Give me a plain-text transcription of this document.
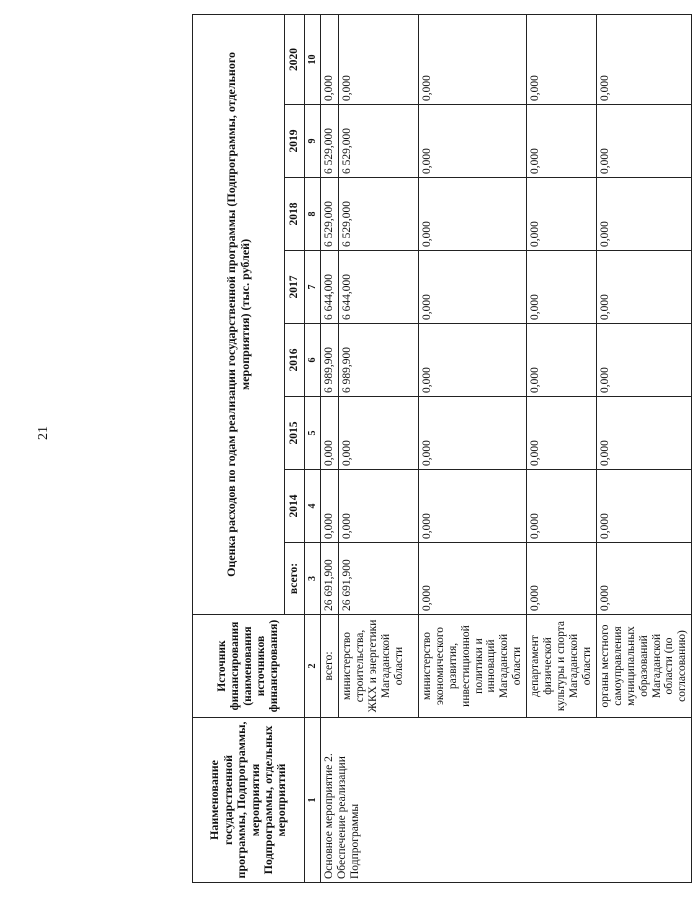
21
Наименование государственной программы, Подпрограммы, мероприятия Подпрограммы, отдельных мероприятий	Источник финансирования (наименования источников финансирования)	Оценка расходов по годам реализации государственной программы (Подпрограммы, отдельного мероприятия) (тыс. рублей)							
		всего:	2014	2015	2016	2017	2018	2019	2020
1	2	3	4	5	6	7	8	9	10
Основное мероприятие 2. Обеспечение реализации Подпрограммы	всего:	26 691,900	0,000	0,000	6 989,900	6 644,000	6 529,000	6 529,000	0,000
	министерство строительства, ЖКХ и энергетики Магаданской области	26 691,900	0,000	0,000	6 989,900	6 644,000	6 529,000	6 529,000	0,000
	министерство экономического развития, инвестиционной политики и инноваций Магаданской области	0,000	0,000	0,000	0,000	0,000	0,000	0,000	0,000
	департамент физической культуры и спорта Магаданской области	0,000	0,000	0,000	0,000	0,000	0,000	0,000	0,000
	органы местного самоуправления муниципальных образований Магаданской области (по согласованию)	0,000	0,000	0,000	0,000	0,000	0,000	0,000	0,000
